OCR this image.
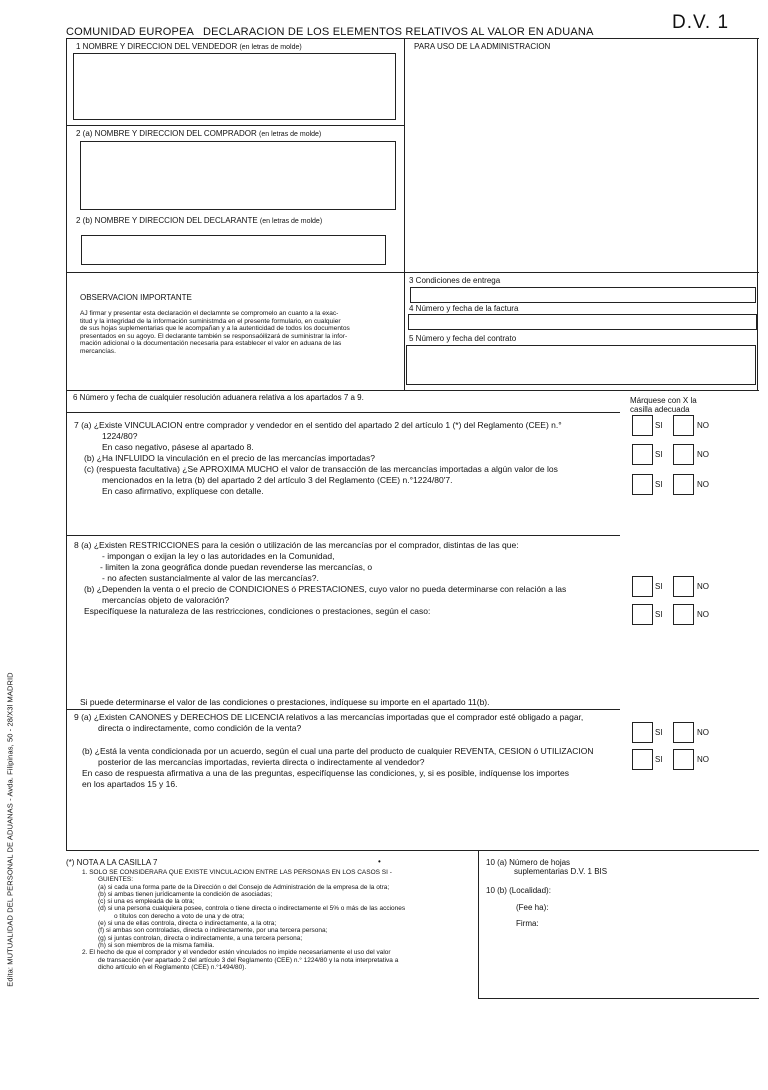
COMUNIDAD EUROPEA DECLARACION DE LOS ELEMENTOS RELATIVOS AL VALOR EN ADUANA	D.V. 1
PARA USO DE LA ADMINISTRACION
1 NOMBRE Y DIRECCION DEL VENDEDOR (en letras de molde)
2 (a) NOMBRE Y DIRECCION DEL COMPRADOR (en letras de molde)
2 (b) NOMBRE Y DIRECCION DEL DECLARANTE (en letras de molde)
OBSERVACION IMPORTANTE
AJ firmar y presentar esta declaración el declamnte se compromelo an cuanto a la exac-
titud y la integridad de la información suministmda en el presente formulario, en cualquier
de sus hojas suplementarias que le acompañan y a la autenticidad de todos los documentos
presentados en su agoyo. El declarante también se responsaóilizará de suministrar la infor-
mación adicional o la documentación necesaria para establecer el valor en aduana de las
mercancías.
3 Condiciones de entrega
4 Número y fecha de la factura
5 Número y fecha del contrato
6 Número y fecha de cualquier resolución aduanera relativa a los apartados 7 a 9.	Márquese con X la
casilla adecuada

7 (a) ¿Existe VINCULACION entre comprador y vendedor en el sentido del apartado 2 del artículo 1 (*) del Reglamento (CEE) n.°

1224/80?

En caso negativo, pásese al apartado 8.

(b) ¿Ha INFLUIDO la vinculación en el precio de las mercancías importadas?

(c) (respuesta facultativa) ¿Se APROXIMA MUCHO el valor de transacción de las mercancías importadas a algún valor de los

mencionados en la letra (b) del apartado 2 del artículo 3 del Reglamento (CEE) n.°1224/80'7.

En caso afirmativo, explíquese con detalle.

SI	NO
SI	NO
SI	NO

8 (a) ¿Existen RESTRICCIONES para la cesión o utilización de las mercancías por el comprador, distintas de las que:

- impongan o exijan la ley o las autoridades en la Comunidad,

- limiten la zona geográfica donde puedan revenderse las mercancías, o

- no afecten sustancialmente al valor de las mercancías?.

(b) ¿Dependen la venta o el precio de CONDICIONES ó PRESTACIONES, cuyo valor no pueda determinarse con relación a las

mercancías objeto de valoración?

Especifíquese la naturaleza de las restricciones, condiciones o prestaciones, según el caso:

SI	NO
SI	NO
Si puede determinarse el valor de las condiciones o prestaciones, indíquese su importe en el apartado 11(b).

9 (a) ¿Existen CANONES y DERECHOS DE LICENCIA relativos a las mercancías importadas que el comprador esté obligado a pagar,

directa o indirectamente, como condición de la venta?

(b) ¿Está la venta condicionada por un acuerdo, según el cual una parte del producto de cualquier REVENTA, CESION ó UTILIZACION

posterior de las mercancías importadas, revierta directa o indirectamente al vendedor?

En caso de respuesta afirmativa a una de las preguntas, especifíquense las condiciones, y, si es posible, indíquense los importes

en los apartados 15 y 16.

SI	NO
SI	NO
(*) NOTA A LA CASILLA 7	•
1. SOLO SE CONSIDERARA QUE EXISTE VINCULACION ENTRE LAS PERSONAS EN LOS CASOS SI -
GUIENTES:
(a) si cada una forma parte de la Dirección o del Consejo de Administración de la empresa de la otra;
(b) si ambas tienen jurídicamente la condición de asociadas;
(c) si una es empleada de la otra;
(d) si una persona cualquiera posee, controla o tiene directa o indirectamente el 5% o más de las acciones
o títulos con derecho a voto de una y de otra;
(e) si una de ellas controla, directa o indirectamente, a la otra;
(f) si ambas son controladas, directa o indirectamente, por una tercera persona;
(g) si juntas controlan, directa o indirectamente, a una tercera persona;
(h) si son miembros de la misma familia.
2. El hecho de que el comprador y el vendedor estén vinculados no impide necesariamente el uso del valor
de transacción (ver apartado 2 del artículo 3 del Reglamento (CEE) n.° 1224/80 y la nota interpretativa a
dicho artículo en el Reglamento (CEE) n.°1494/80).
10 (a) Número de hojas
suplementarias D.V. 1 BIS
10 (b) (Localidad):
(Fee ha):
Firma:
Edita: MUTUALIDAD DEL PERSONAL DE ADUANAS - Avda. Filipinas, 50 - 28/X3l MADRID
